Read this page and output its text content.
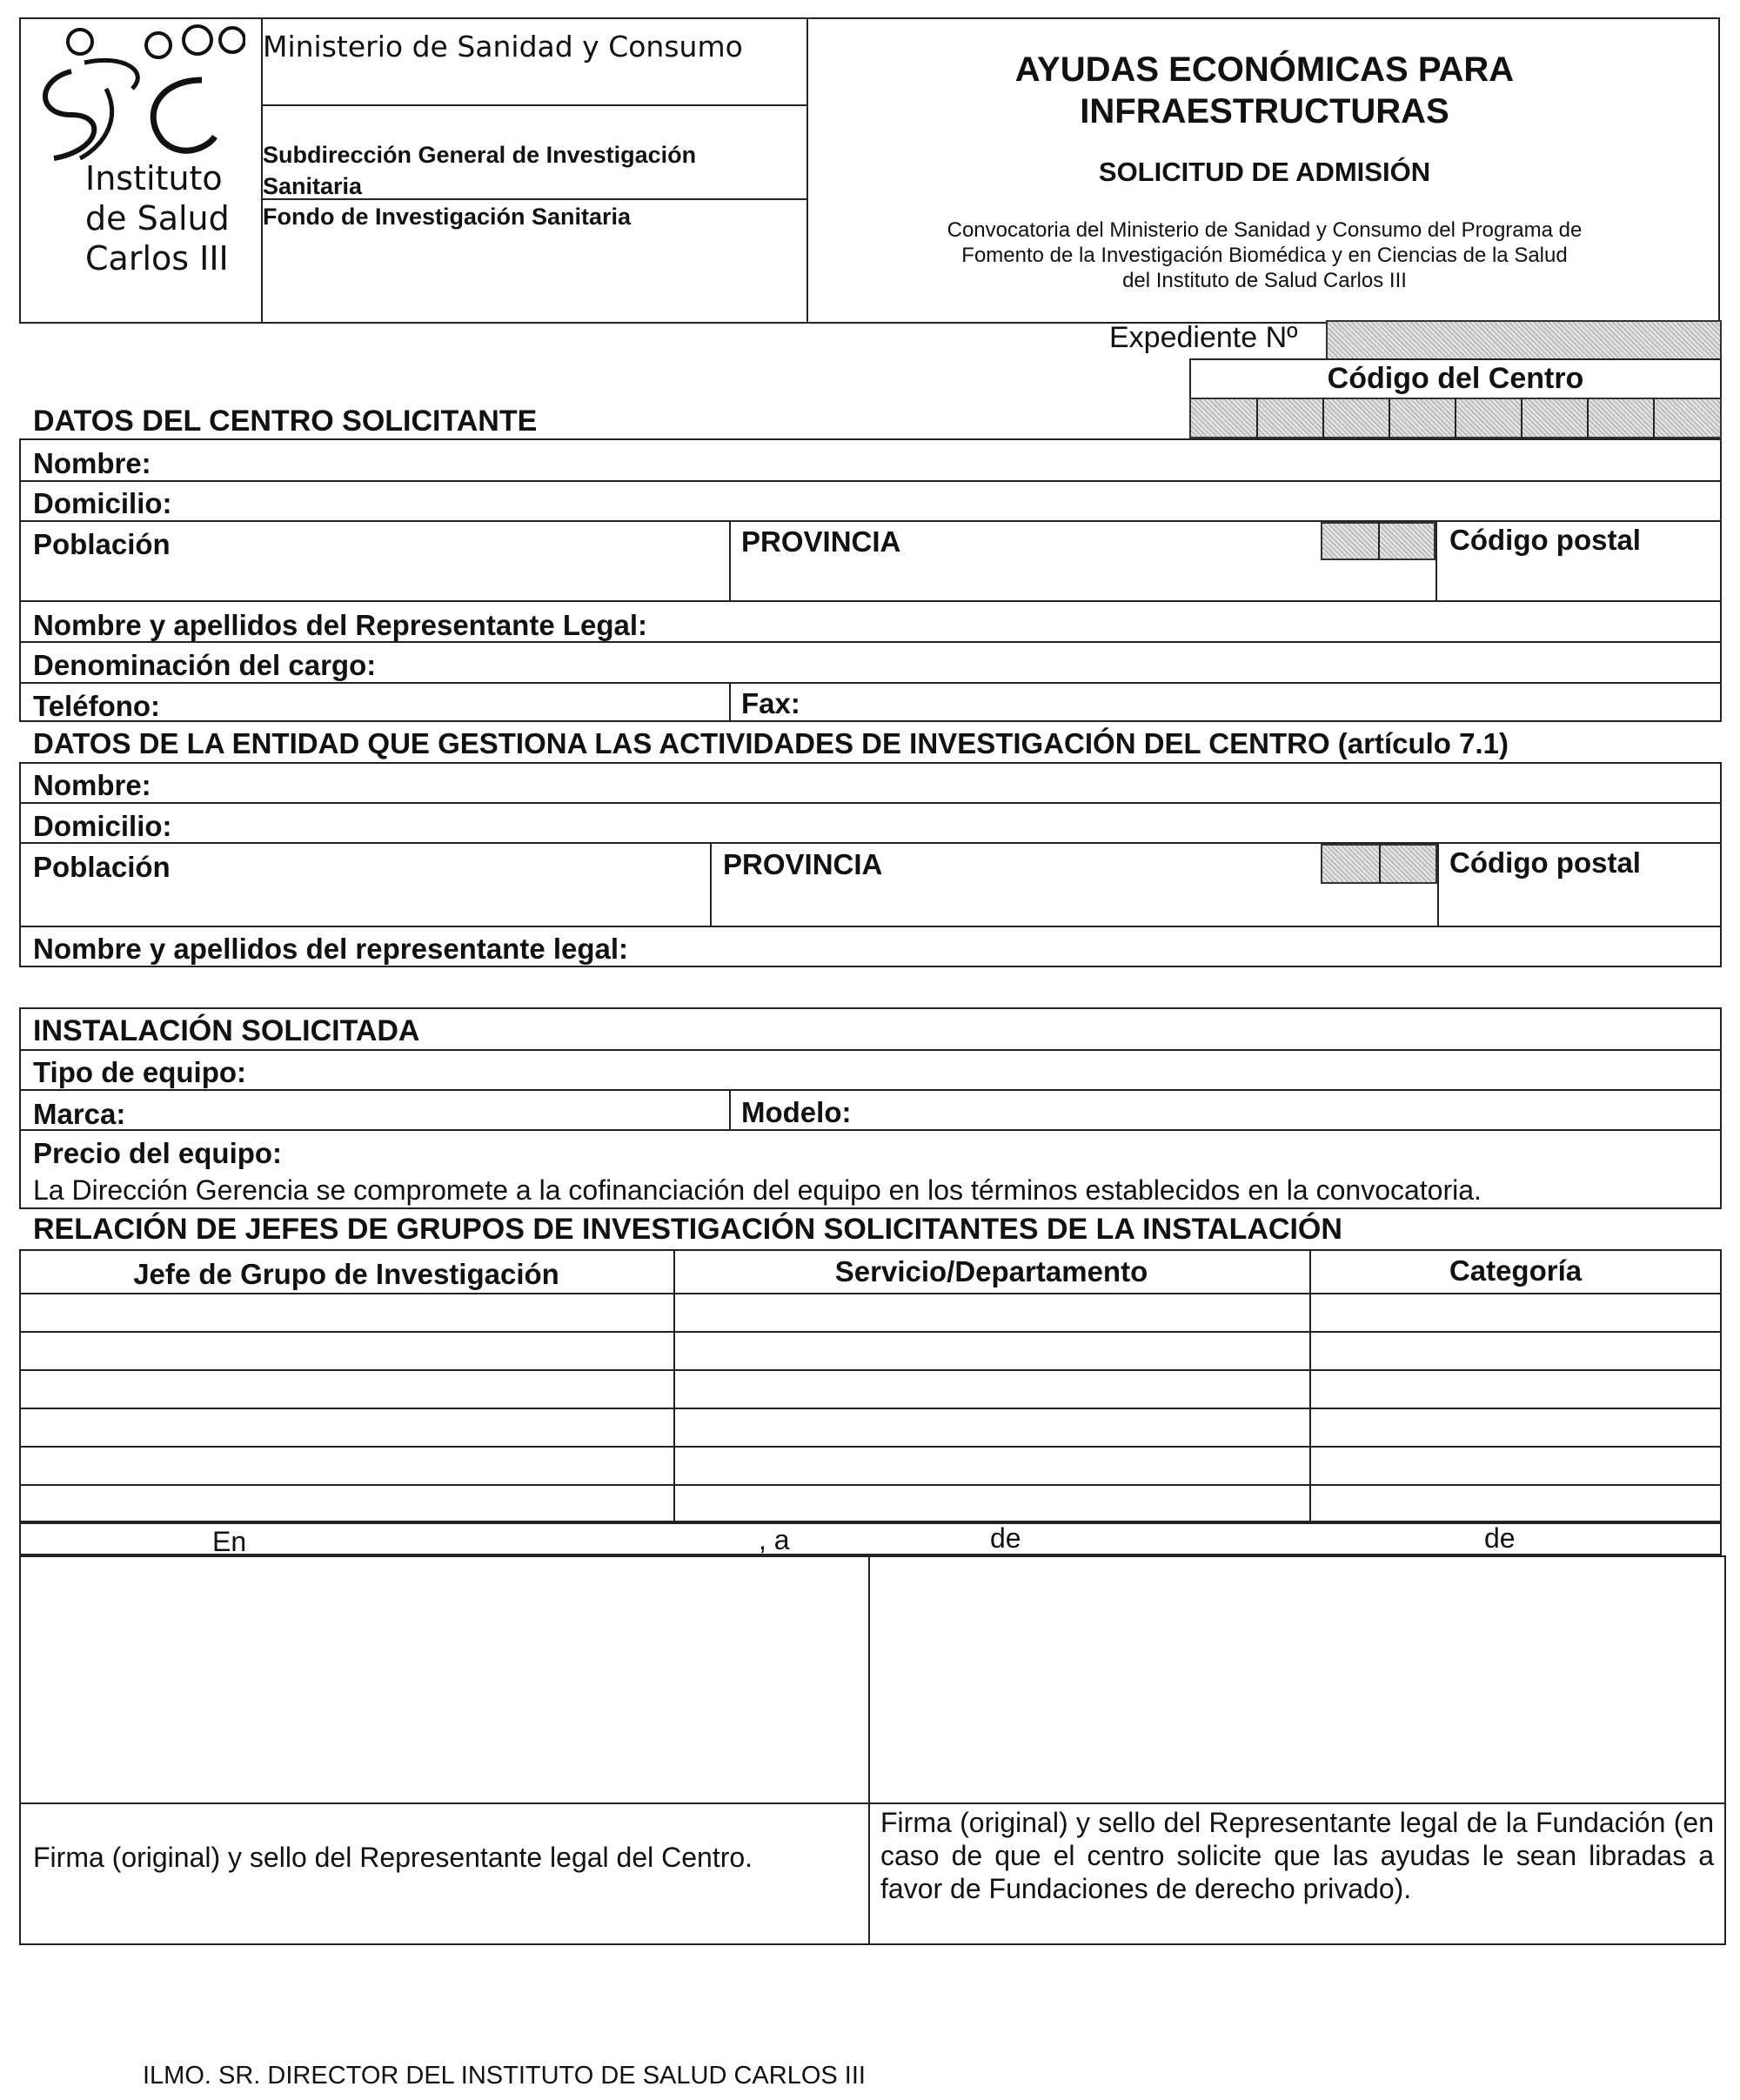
Instituto
de Salud
Carlos III
Ministerio de Sanidad y Consumo
Subdirección General de Investigación Sanitaria
Fondo de Investigación Sanitaria
AYUDAS ECONÓMICAS PARA
INFRAESTRUCTURAS
SOLICITUD DE ADMISIÓN
Convocatoria del Ministerio de Sanidad y Consumo del Programa de
Fomento de la Investigación Biomédica y en Ciencias de la Salud
del Instituto de Salud Carlos III
Expediente Nº
Código del Centro
DATOS DEL CENTRO SOLICITANTE
Nombre:
Domicilio:
Población	PROVINCIA	Código postal
Nombre y apellidos del Representante Legal:
Denominación del cargo:
Teléfono:	Fax:
DATOS DE LA ENTIDAD QUE GESTIONA LAS ACTIVIDADES DE INVESTIGACIÓN DEL CENTRO (artículo 7.1)
Nombre:
Domicilio:
Población	PROVINCIA	Código postal
Nombre y apellidos del representante legal:
INSTALACIÓN SOLICITADA
Tipo de equipo:
Marca:	Modelo:
Precio del equipo:
La Dirección Gerencia se compromete a la cofinanciación del equipo en los términos establecidos en la convocatoria.
RELACIÓN DE JEFES DE GRUPOS DE INVESTIGACIÓN SOLICITANTES DE LA INSTALACIÓN
Jefe de Grupo de Investigación	Servicio/Departamento	Categoría
En	, a	de	de
Firma (original) y sello del Representante legal del Centro.
Firma (original) y sello del Representante legal de la Fundación (en caso de que el centro solicite que las ayudas le sean libradas a favor de Fundaciones de derecho privado).
ILMO. SR. DIRECTOR DEL INSTITUTO DE SALUD CARLOS III
